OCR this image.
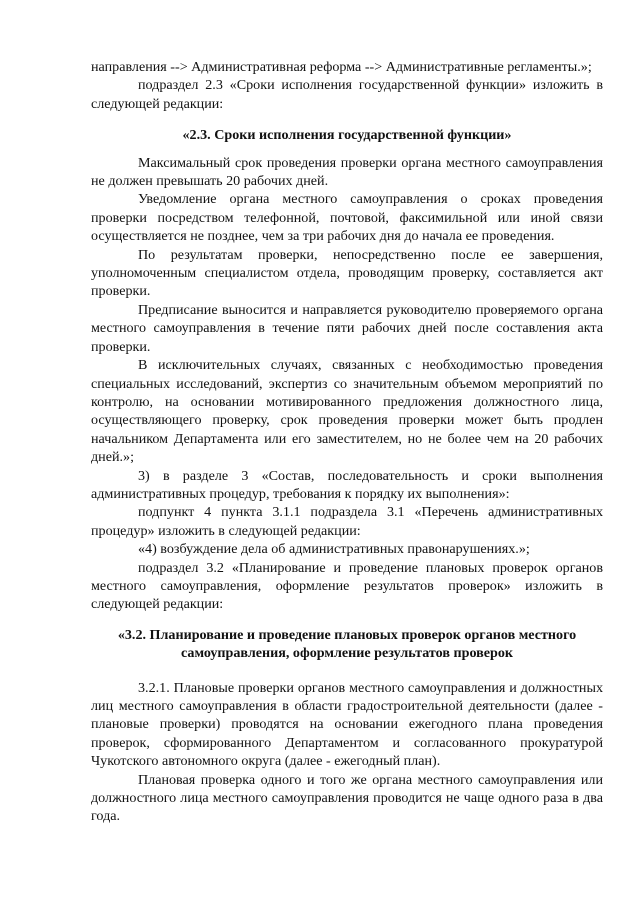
направления --> Административная реформа --> Административные регламенты.»;

подраздел 2.3 «Сроки исполнения государственной функции» изложить в следующей редакции:

«2.3. Сроки исполнения государственной функции»

Максимальный срок проведения проверки органа местного самоуправления не должен превышать 20 рабочих дней.

Уведомление органа местного самоуправления о сроках проведения проверки посредством телефонной, почтовой, факсимильной или иной связи осуществляется не позднее, чем за три рабочих дня до начала ее проведения.

По результатам проверки, непосредственно после ее завершения, уполномоченным специалистом отдела, проводящим проверку, составляется акт проверки.

Предписание выносится и направляется руководителю проверяемого органа местного самоуправления в течение пяти рабочих дней после составления акта проверки.

В исключительных случаях, связанных с необходимостью проведения специальных исследований, экспертиз со значительным объемом мероприятий по контролю, на основании мотивированного предложения должностного лица, осуществляющего проверку, срок проведения проверки может быть продлен начальником Департамента или его заместителем, но не более чем на 20 рабочих дней.»;

3) в разделе 3 «Состав, последовательность и сроки выполнения административных процедур, требования к порядку их выполнения»:

подпункт 4 пункта 3.1.1 подраздела 3.1 «Перечень административных процедур» изложить в следующей редакции:

«4) возбуждение дела об административных правонарушениях.»;

подраздел 3.2 «Планирование и проведение плановых проверок органов местного самоуправления, оформление результатов проверок» изложить в следующей редакции:

«3.2. Планирование и проведение плановых проверок органов местного самоуправления, оформление результатов проверок

3.2.1. Плановые проверки органов местного самоуправления и должностных лиц местного самоуправления в области градостроительной деятельности (далее - плановые проверки) проводятся на основании ежегодного плана проведения проверок, сформированного Департаментом и согласованного прокуратурой Чукотского автономного округа (далее - ежегодный план).

Плановая проверка одного и того же органа местного самоуправления или должностного лица местного самоуправления проводится не чаще одного раза в два года.
